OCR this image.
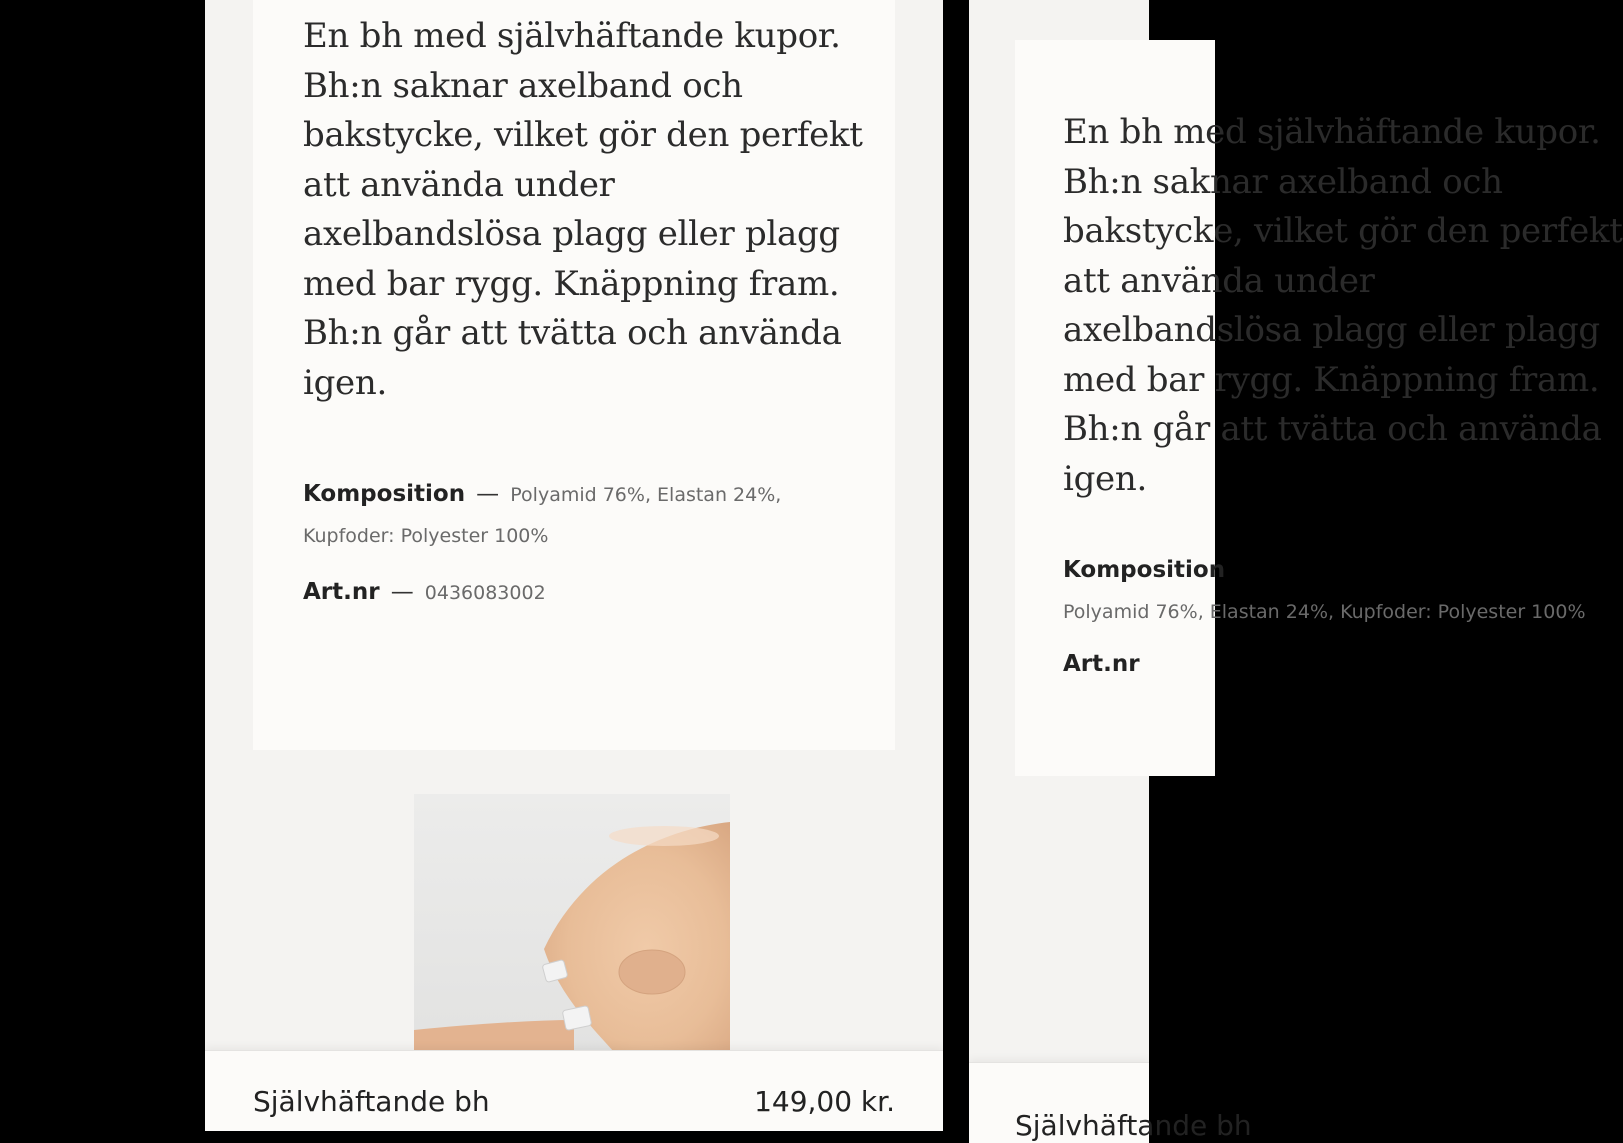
En bh med självhäftande kupor. Bh:n saknar axelband och bakstycke, vilket gör den perfekt att använda under axelbandslösa plagg eller plagg med bar rygg. Knäppning fram. Bh:n går att tvätta och använda igen.

Komposition — Polyamid 76%, Elastan 24%, Kupfoder: Polyester 100%
Art.nr — 0436083002
Självhäftande bh	149,00 kr.

En bh med självhäftande kupor. Bh:n saknar axelband och bakstycke, vilket gör den perfekt att använda under axelbandslösa plagg eller plagg med bar rygg. Knäppning fram. Bh:n går att tvätta och använda igen.

Komposition
Polyamid 76%, Elastan 24%, Kupfoder: Polyester 100%
Art.nr
Självhäftande bh
